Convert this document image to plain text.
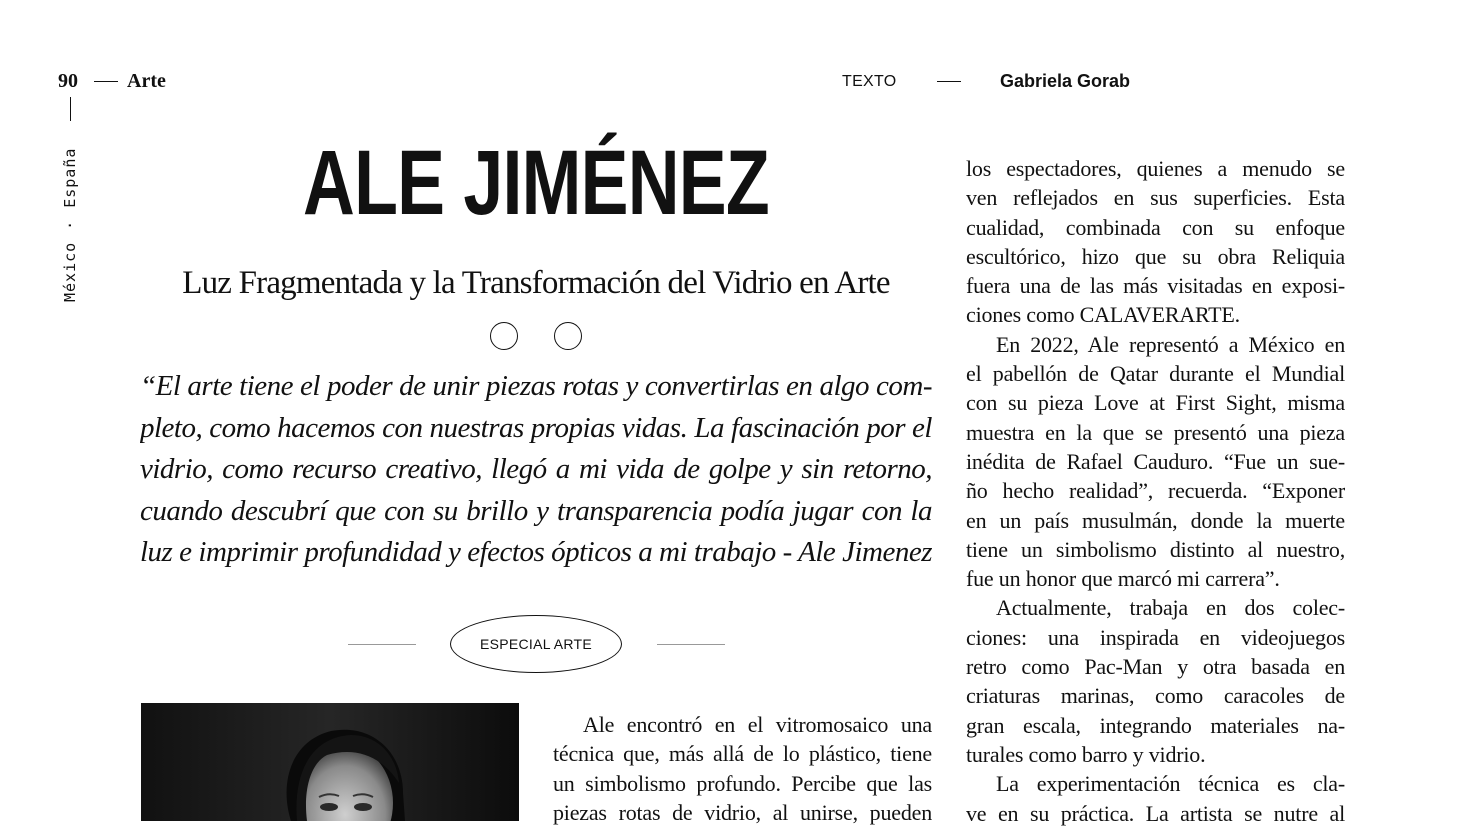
90 Arte	TEXTO	Gabriela Gorab
México
·
España	ALE JIMÉNEZ
Luz Fragmentada y la Transformación del Vidrio en Arte
“El arte tiene el poder de unir piezas rotas y convertirlas en algo com-
pleto, como hacemos con nuestras propias vidas. La fascinación por el
vidrio, como recurso creativo, llegó a mi vida de golpe y sin retorno,
cuando descubrí que con su brillo y transparencia podía jugar con la
luz e imprimir profundidad y efectos ópticos a mi trabajo - Ale Jimenez
ESPECIAL ARTE
Ale encontró en el vitromosaico una
técnica que, más allá de lo plástico, tiene
un simbolismo profundo. Percibe que las
piezas rotas de vidrio, al unirse, pueden
los espectadores, quienes a menudo se
ven reflejados en sus superficies. Esta
cualidad, combinada con su enfoque
escultórico, hizo que su obra Reliquia
fuera una de las más visitadas en exposi-
ciones como CALAVERARTE.
En 2022, Ale representó a México en
el pabellón de Qatar durante el Mundial
con su pieza Love at First Sight, misma
muestra en la que se presentó una pieza
inédita de Rafael Cauduro. “Fue un sue-
ño hecho realidad”, recuerda. “Exponer
en un país musulmán, donde la muerte
tiene un simbolismo distinto al nuestro,
fue un honor que marcó mi carrera”.
Actualmente, trabaja en dos colec-
ciones: una inspirada en videojuegos
retro como Pac-Man y otra basada en
criaturas marinas, como caracoles de
gran escala, integrando materiales na-
turales como barro y vidrio.
La experimentación técnica es cla-
ve en su práctica. La artista se nutre al
